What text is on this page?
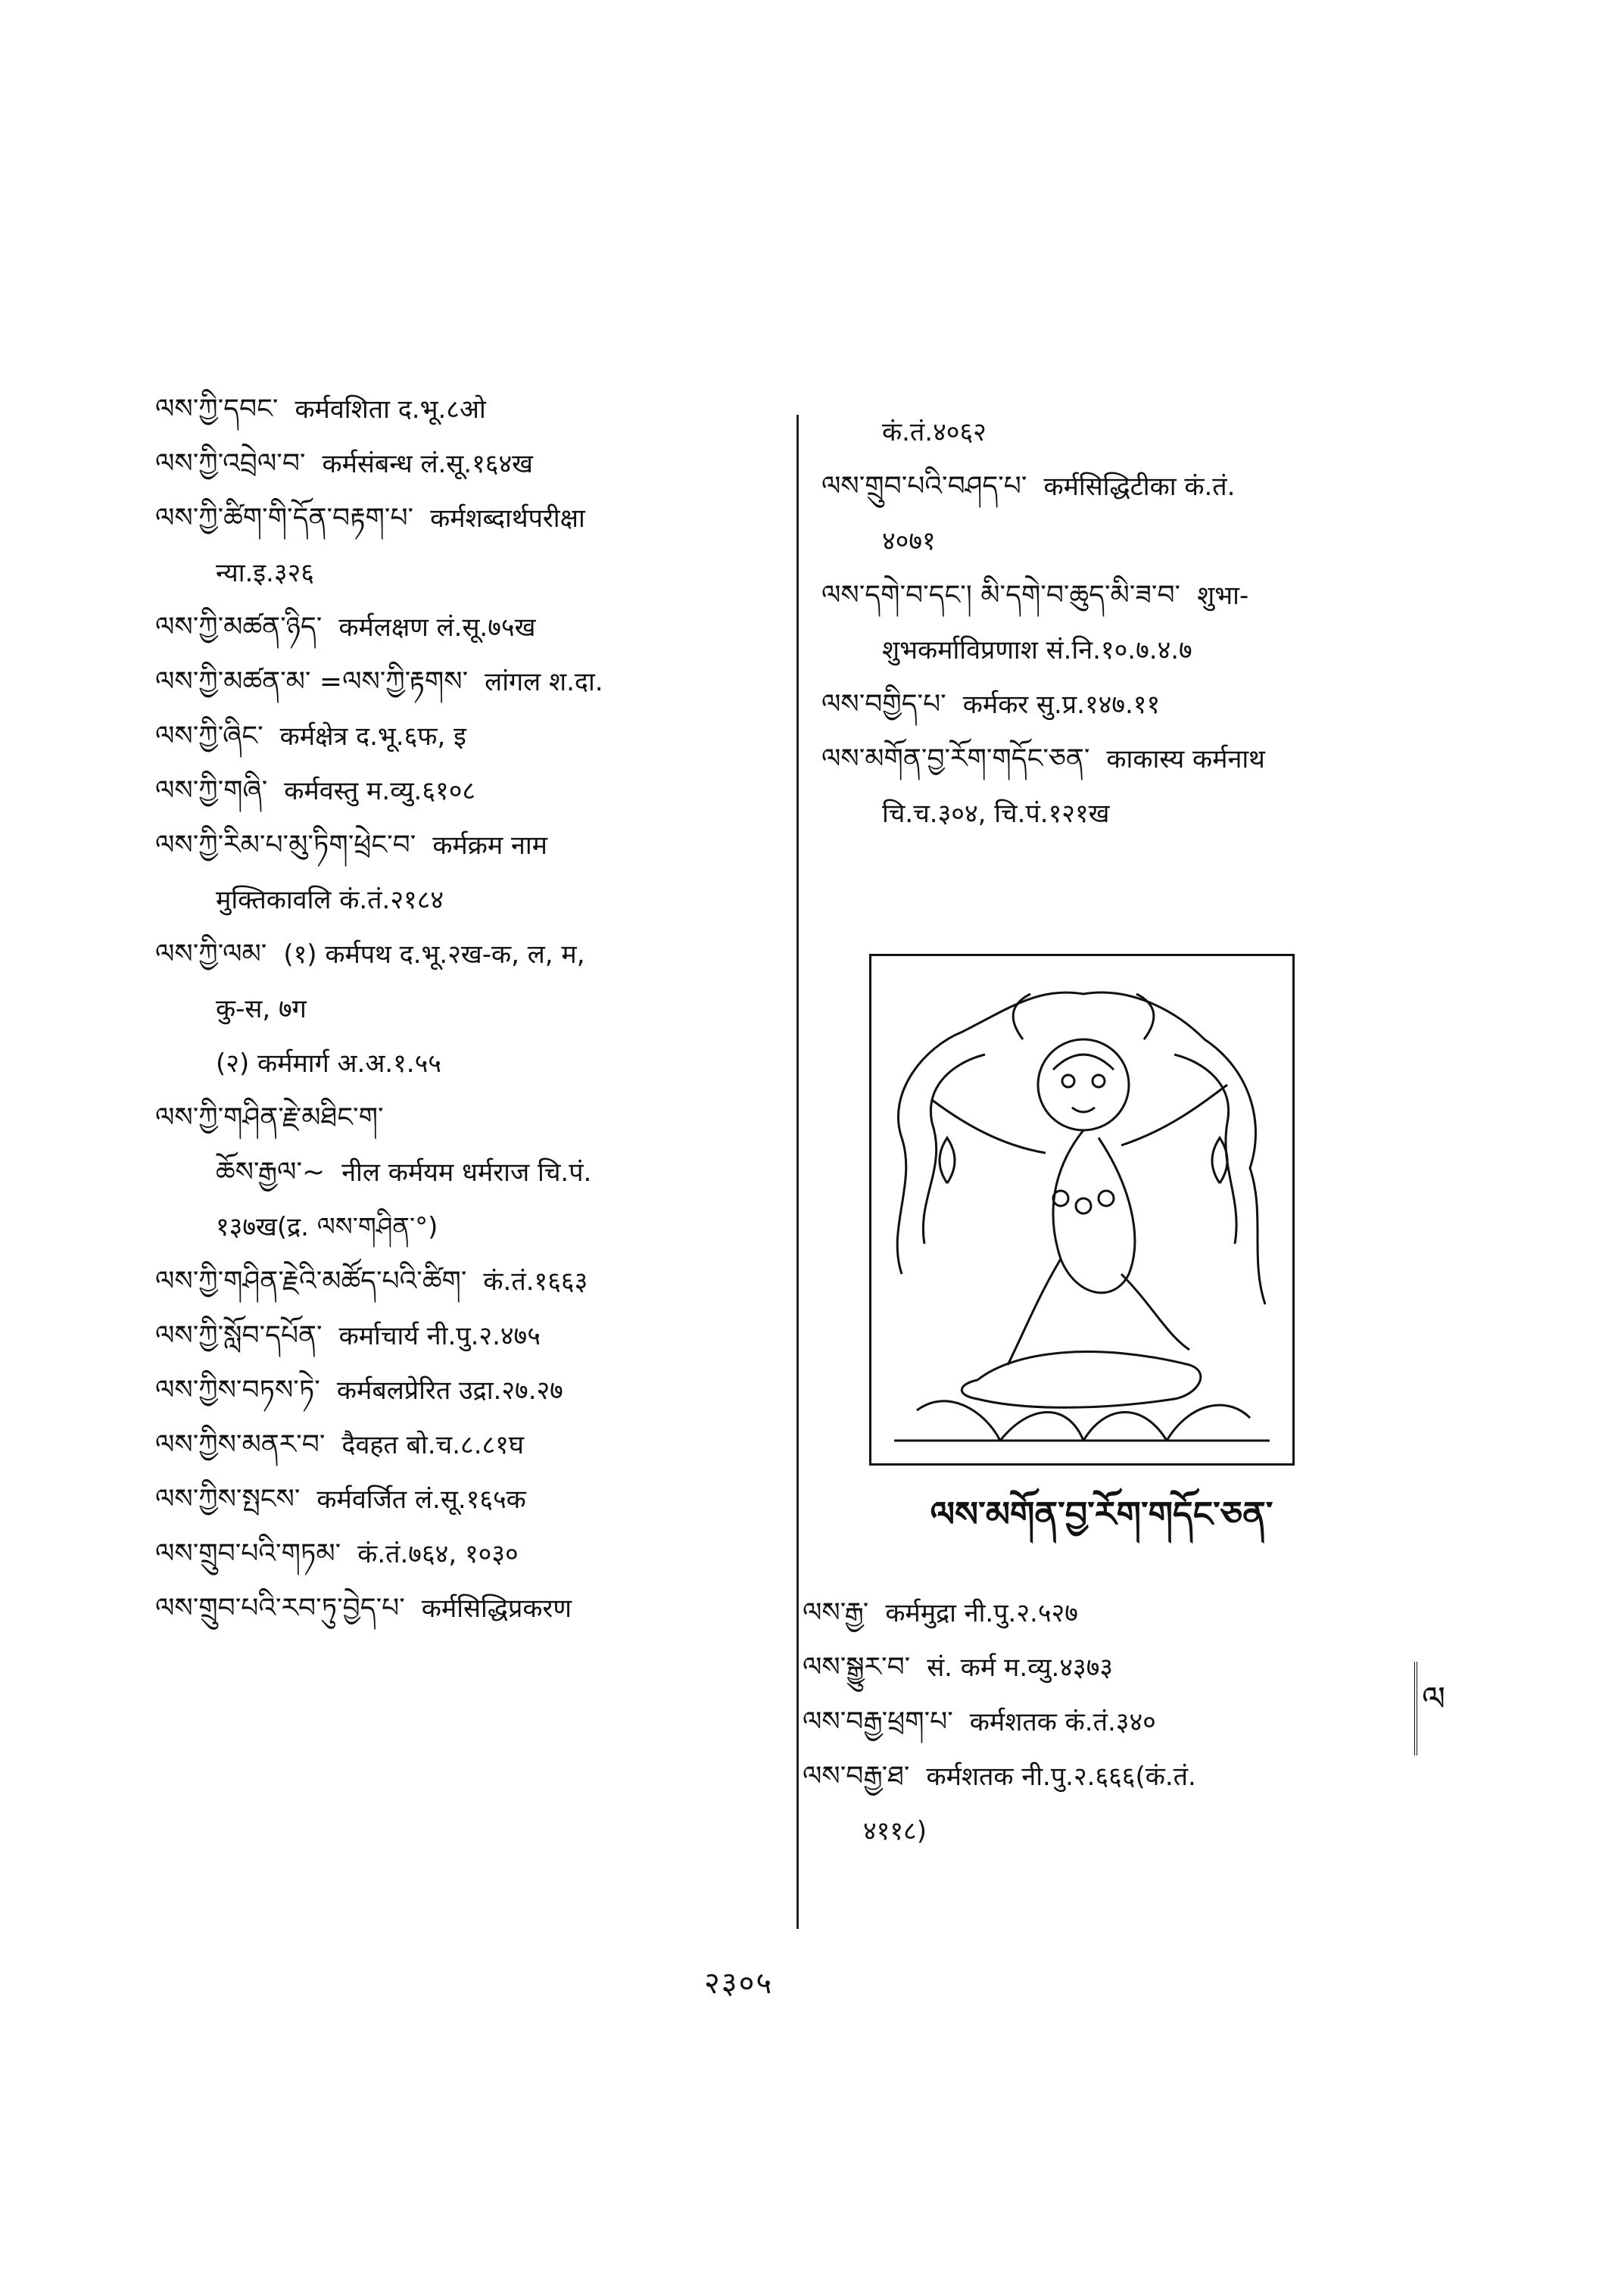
ལས་ཀྱི་དབང་ कर्मवशिता द.भू.८ओ
ལས་ཀྱི་འབྲེལ་བ་ कर्मसंबन्ध लं.सू.१६४ख
ལས་ཀྱི་ཚིག་གི་དོན་བརྟག་པ་ कर्मशब्दार्थपरीक्षा
न्या.इ.३२६
ལས་ཀྱི་མཚན་ཉིད་ कर्मलक्षण लं.सू.७५ख
ལས་ཀྱི་མཚན་མ་ =ལས་ཀྱི་རྟགས་ लांगल श.दा.
ལས་ཀྱི་ཞིང་ कर्मक्षेत्र द.भू.६फ, इ
ལས་ཀྱི་གཞི་ कर्मवस्तु म.व्यु.६१०८
ལས་ཀྱི་རིམ་པ་མུ་ཏིག་ཕྲེང་བ་ कर्मक्रम नाम
मुक्तिकावलि कं.तं.२१८४
ལས་ཀྱི་ལམ་ (१) कर्मपथ द.भू.२ख-क, ल, म,
कु-स, ७ग
(२) कर्ममार्ग अ.अ.१.५५
ལས་ཀྱི་གཤིན་རྗེ་མཐིང་ག་
ཆོས་རྒྱལ་~ नील कर्मयम धर्मराज चि.पं.
१३७ख(द्र. ལས་གཤིན་°)
ལས་ཀྱི་གཤིན་རྗེའི་མཚོད་པའི་ཚིག་ कं.तं.१६६३
ལས་ཀྱི་སློབ་དཔོན་ कर्माचार्य नी.पु.२.४७५
ལས་ཀྱིས་བཏས་ཏེ་ कर्मबलप्रेरित उद्रा.२७.२७
ལས་ཀྱིས་མནར་བ་ दैवहत बो.च.८.८१घ
ལས་ཀྱིས་སྤངས་ कर्मवर्जित लं.सू.१६५क
ལས་གྲུབ་པའི་གཏམ་ कं.तं.७६४, १०३०
ལས་གྲུབ་པའི་རབ་ཏུ་བྱེད་པ་ कर्मसिद्धिप्रकरण
कं.तं.४०६२
ལས་གྲུབ་པའི་བཤད་པ་ कर्मसिद्धिटीका कं.तं.
४०७१
ལས་དགེ་བ་དང་། མི་དགེ་བ་ཆུད་མི་ཟ་བ་ शुभा-
शुभकर्माविप्रणाश सं.नि.१०.७.४.७
ལས་བགྱིད་པ་ कर्मकर सु.प्र.१४७.११
ལས་མགོན་བྱ་རོག་གདོང་ཅན་ काकास्य कर्मनाथ
चि.च.३०४, चि.पं.१२१ख
ལས་མགོན་བྱ་རོག་གདོང་ཅན་
ལས་རྒྱ་ कर्ममुद्रा नी.पु.२.५२७
ལས་སྒྱུར་བ་ सं. कर्म म.व्यु.४३७३
ལས་བརྒྱ་ཕྲག་པ་ कर्मशतक कं.तं.३४०
ལས་བརྒྱ་ཐ་ कर्मशतक नी.पु.२.६६६(कं.तं.
४११८)
ལ
२३०५
